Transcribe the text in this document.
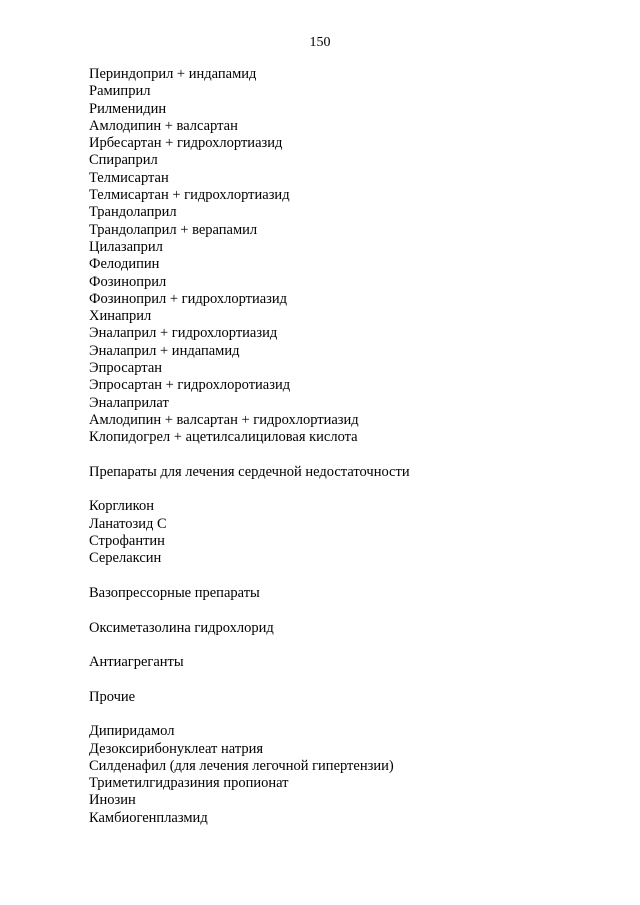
150
Периндоприл + индапамид
Рамиприл
Рилменидин
Амлодипин + валсартан
Ирбесартан + гидрохлортиазид
Спираприл
Телмисартан
Телмисартан + гидрохлортиазид
Трандолаприл
Трандолаприл + верапамил
Цилазаприл
Фелодипин
Фозиноприл
Фозиноприл + гидрохлортиазид
Хинаприл
Эналаприл + гидрохлортиазид
Эналаприл + индапамид
Эпросартан
Эпросартан + гидрохлоротиазид
Эналаприлат
Амлодипин + валсартан + гидрохлортиазид
Клопидогрел + ацетилсалициловая кислота
Препараты для лечения сердечной недостаточности
Коргликон
Ланатозид С
Строфантин
Серелаксин
Вазопрессорные препараты
Оксиметазолина гидрохлорид
Антиагреганты
Прочие
Дипиридамол
Дезоксирибонуклеат натрия
Силденафил (для лечения легочной гипертензии)
Триметилгидразиния пропионат
Инозин
Камбиогенплазмид
